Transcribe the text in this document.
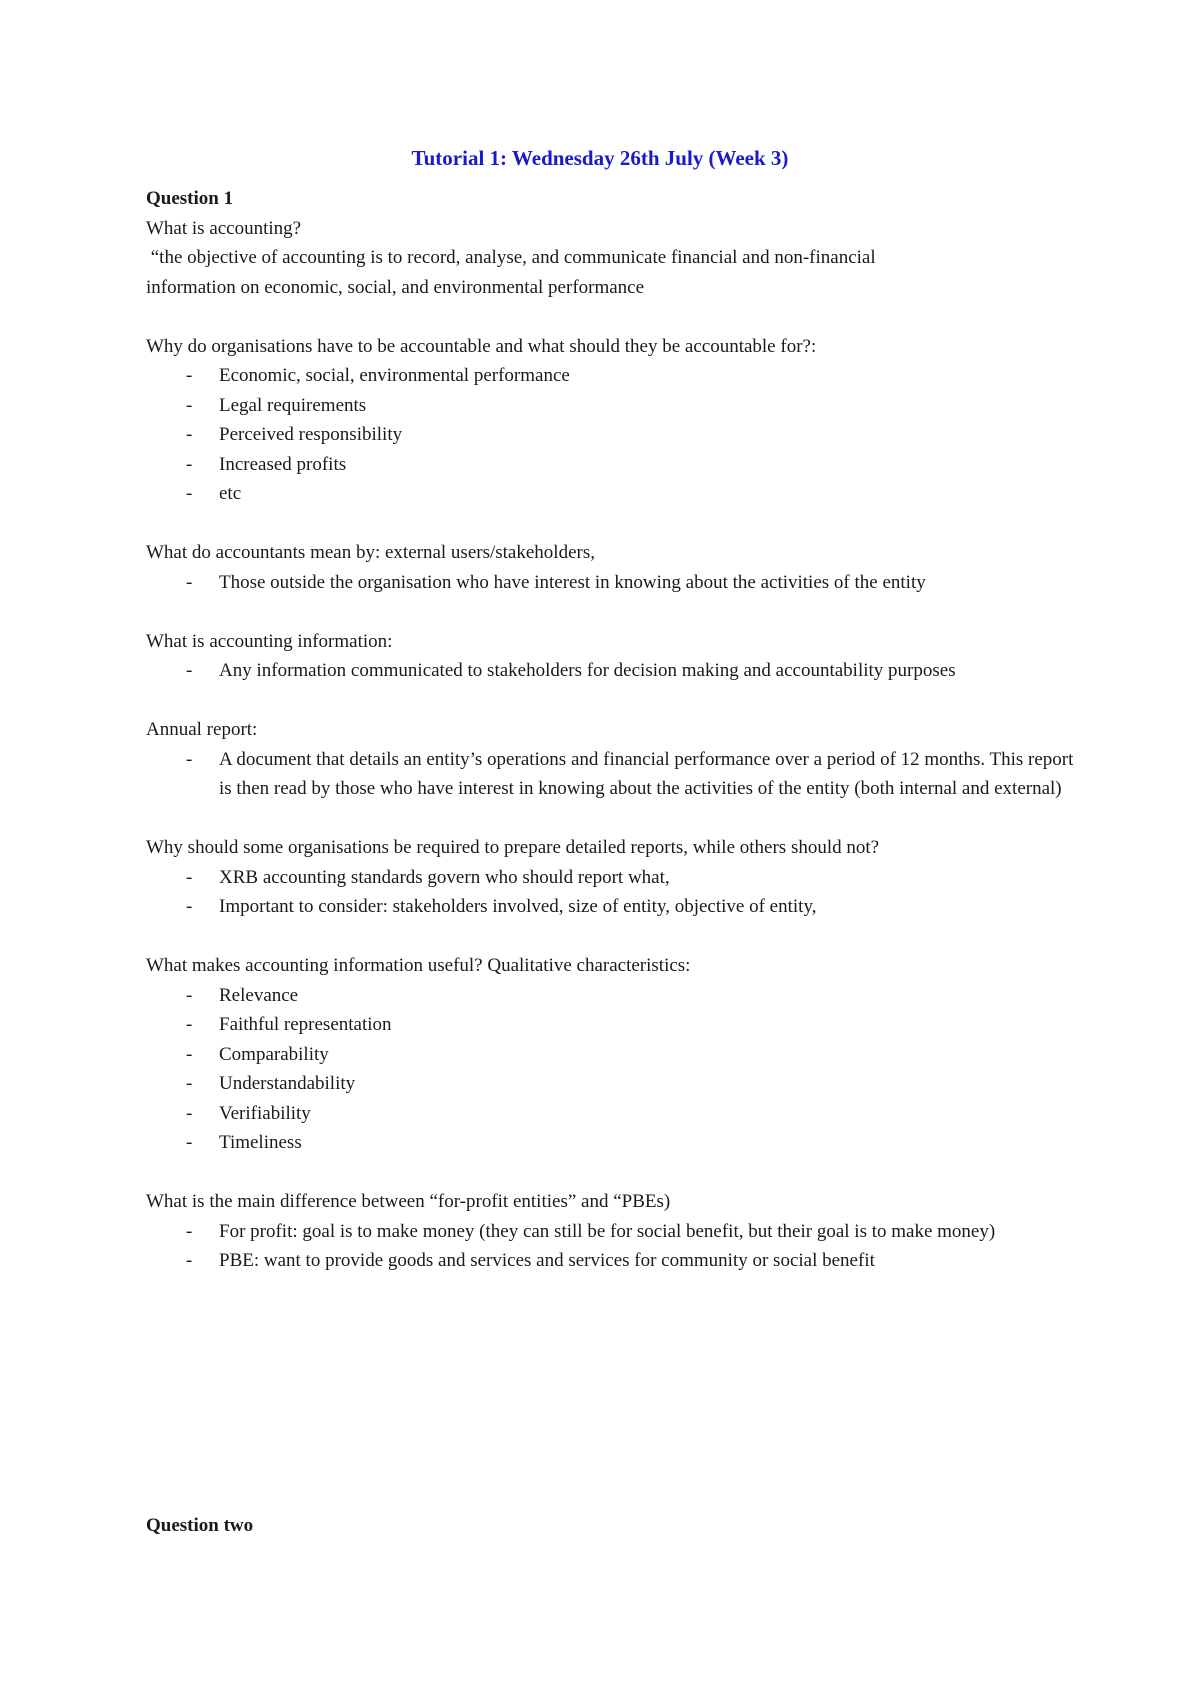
Tutorial 1: Wednesday 26th July (Week 3)
Question 1
What is accounting?
“the objective of accounting is to record, analyse, and communicate financial and non-financial
information on economic, social, and environmental performance
Why do organisations have to be accountable and what should they be accountable for?:
- Economic, social, environmental performance
- Legal requirements
- Perceived responsibility
- Increased profits
- etc
What do accountants mean by: external users/stakeholders,
- Those outside the organisation who have interest in knowing about the activities of the entity
What is accounting information:
- Any information communicated to stakeholders for decision making and accountability purposes
Annual report:
- A document that details an entity’s operations and financial performance over a period of 12 months. This report is then read by those who have interest in knowing about the activities of the entity (both internal and external)
Why should some organisations be required to prepare detailed reports, while others should not?
- XRB accounting standards govern who should report what,
- Important to consider: stakeholders involved, size of entity, objective of entity,
What makes accounting information useful? Qualitative characteristics:
- Relevance
- Faithful representation
- Comparability
- Understandability
- Verifiability
- Timeliness
What is the main difference between “for-profit entities” and “PBEs)
- For profit: goal is to make money (they can still be for social benefit, but their goal is to make money)
- PBE: want to provide goods and services and services for community or social benefit
Question two
